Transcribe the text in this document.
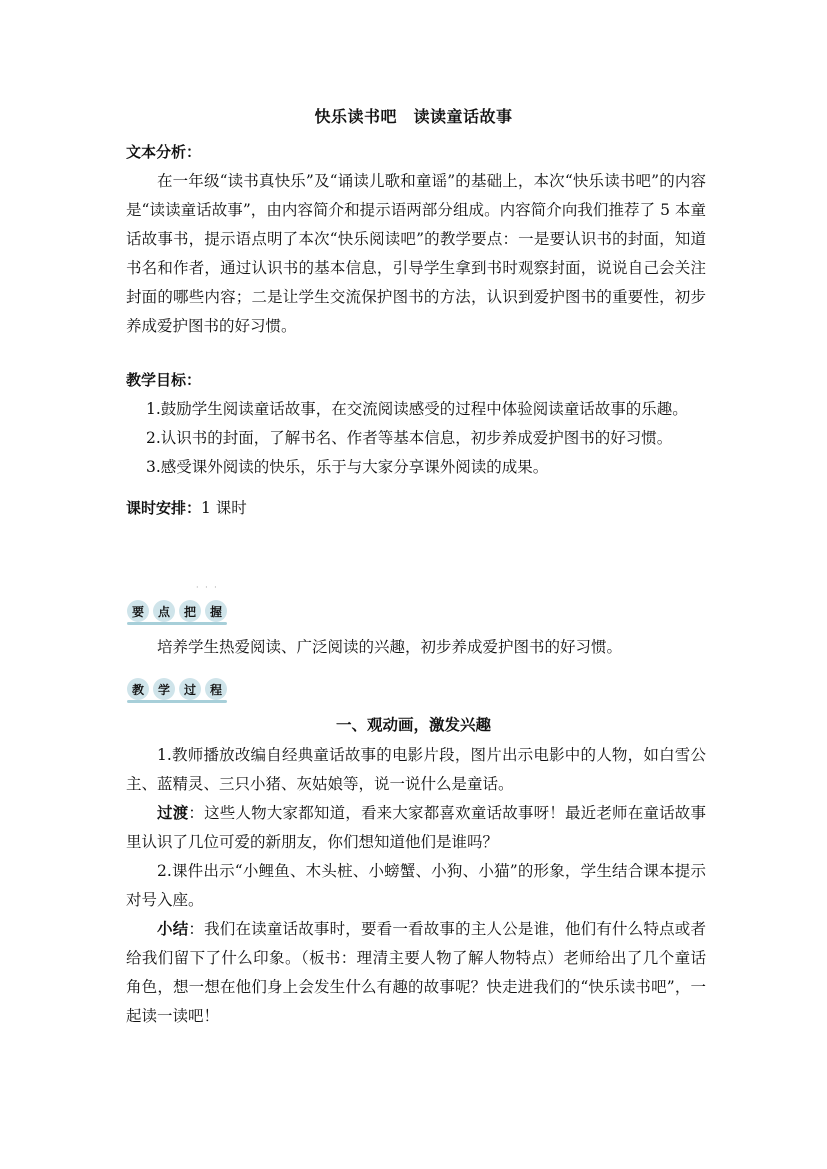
快乐读书吧　读读童话故事
文本分析：

在一年级“读书真快乐”及“诵读儿歌和童谣”的基础上，本次“快乐读书吧”的内容是“读读童话故事”，由内容简介和提示语两部分组成。内容简介向我们推荐了 5 本童话故事书，提示语点明了本次“快乐阅读吧”的教学要点：一是要认识书的封面，知道书名和作者，通过认识书的基本信息，引导学生拿到书时观察封面，说说自己会关注封面的哪些内容；二是让学生交流保护图书的方法，认识到爱护图书的重要性，初步养成爱护图书的好习惯。

教学目标：

1.鼓励学生阅读童话故事，在交流阅读感受的过程中体验阅读童话故事的乐趣。

2.认识书的封面，了解书名、作者等基本信息，初步养成爱护图书的好习惯。

3.感受课外阅读的快乐，乐于与大家分享课外阅读的成果。

课时安排：1 课时
· · ·
要	点	把	握

培养学生热爱阅读、广泛阅读的兴趣，初步养成爱护图书的好习惯。

教	学	过	程
一、观动画，激发兴趣

1.教师播放改编自经典童话故事的电影片段，图片出示电影中的人物，如白雪公主、蓝精灵、三只小猪、灰姑娘等，说一说什么是童话。

过渡：这些人物大家都知道，看来大家都喜欢童话故事呀！最近老师在童话故事里认识了几位可爱的新朋友，你们想知道他们是谁吗？

2.课件出示“小鲤鱼、木头桩、小螃蟹、小狗、小猫”的形象，学生结合课本提示对号入座。

小结：我们在读童话故事时，要看一看故事的主人公是谁，他们有什么特点或者给我们留下了什么印象。（板书：理清主要人物了解人物特点）老师给出了几个童话角色，想一想在他们身上会发生什么有趣的故事呢？快走进我们的“快乐读书吧”，一起读一读吧！
